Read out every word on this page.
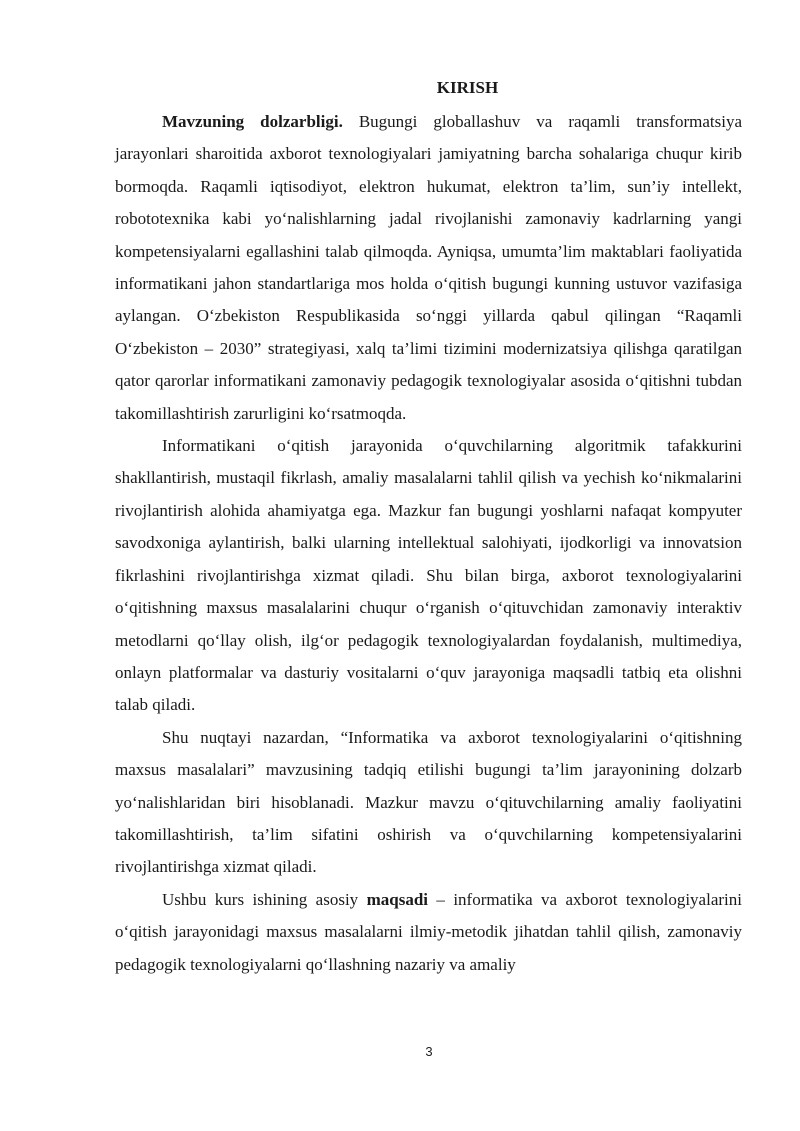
KIRISH

Mavzuning dolzarbligi. Bugungi globallashuv va raqamli transformatsiya jarayonlari sharoitida axborot texnologiyalari jamiyatning barcha sohalariga chuqur kirib bormoqda. Raqamli iqtisodiyot, elektron hukumat, elektron ta’lim, sun’iy intellekt, robototexnika kabi yo‘nalishlarning jadal rivojlanishi zamonaviy kadrlarning yangi kompetensiyalarni egallashini talab qilmoqda. Ayniqsa, umumta’lim maktablari faoliyatida informatikani jahon standartlariga mos holda o‘qitish bugungi kunning ustuvor vazifasiga aylangan. O‘zbekiston Respublikasida so‘nggi yillarda qabul qilingan “Raqamli O‘zbekiston – 2030” strategiyasi, xalq ta’limi tizimini modernizatsiya qilishga qaratilgan qator qarorlar informatikani zamonaviy pedagogik texnologiyalar asosida o‘qitishni tubdan takomillashtirish zarurligini ko‘rsatmoqda.

Informatikani o‘qitish jarayonida o‘quvchilarning algoritmik tafakkurini shakllantirish, mustaqil fikrlash, amaliy masalalarni tahlil qilish va yechish ko‘nikmalarini rivojlantirish alohida ahamiyatga ega. Mazkur fan bugungi yoshlarni nafaqat kompyuter savodxoniga aylantirish, balki ularning intellektual salohiyati, ijodkorligi va innovatsion fikrlashini rivojlantirishga xizmat qiladi. Shu bilan birga, axborot texnologiyalarini o‘qitishning maxsus masalalarini chuqur o‘rganish o‘qituvchidan zamonaviy interaktiv metodlarni qo‘llay olish, ilg‘or pedagogik texnologiyalardan foydalanish, multimediya, onlayn platformalar va dasturiy vositalarni o‘quv jarayoniga maqsadli tatbiq eta olishni talab qiladi.

Shu nuqtayi nazardan, “Informatika va axborot texnologiyalarini o‘qitishning maxsus masalalari” mavzusining tadqiq etilishi bugungi ta’lim jarayonining dolzarb yo‘nalishlaridan biri hisoblanadi. Mazkur mavzu o‘qituvchilarning amaliy faoliyatini takomillashtirish, ta’lim sifatini oshirish va o‘quvchilarning kompetensiyalarini rivojlantirishga xizmat qiladi.

Ushbu kurs ishining asosiy maqsadi – informatika va axborot texnologiyalarini o‘qitish jarayonidagi maxsus masalalarni ilmiy-metodik jihatdan tahlil qilish, zamonaviy pedagogik texnologiyalarni qo‘llashning nazariy va amaliy

3
